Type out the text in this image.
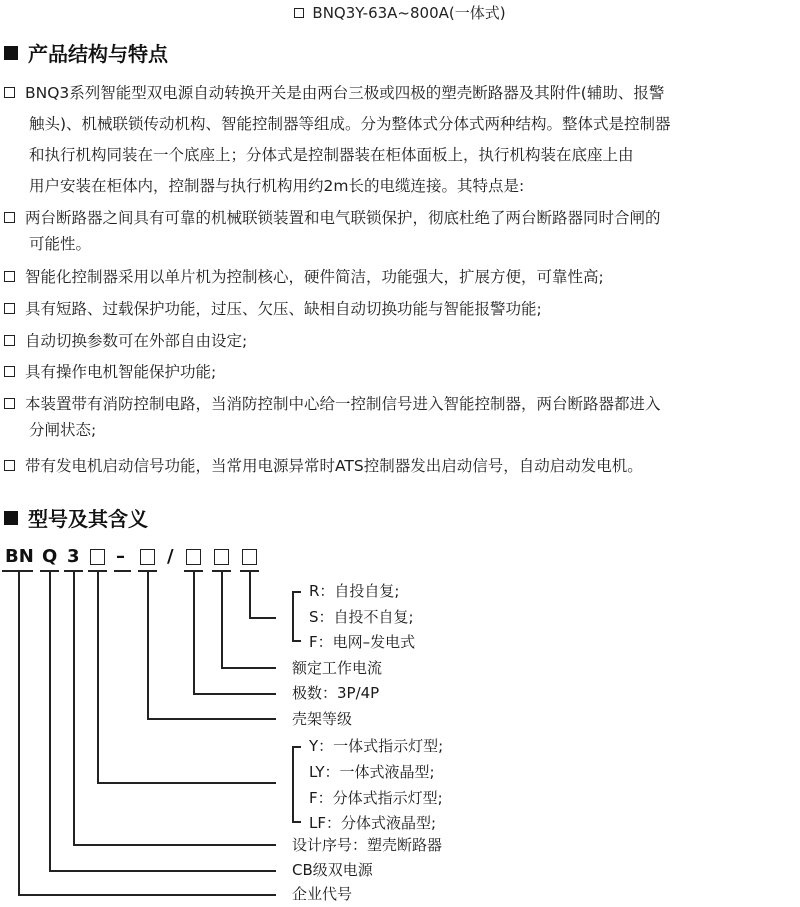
BNQ3Y-63A~800A(一体式)
产品结构与特点
BNQ3系列智能型双电源自动转换开关是由两台三极或四极的塑壳断路器及其附件(辅助、报警
触头)、机械联锁传动机构、智能控制器等组成。分为整体式分体式两种结构。整体式是控制器
和执行机构同装在一个底座上；分体式是控制器装在柜体面板上，执行机构装在底座上由
用户安装在柜体内，控制器与执行机构用约2m长的电缆连接。其特点是:
两台断路器之间具有可靠的机械联锁装置和电气联锁保护，彻底杜绝了两台断路器同时合闸的
可能性。
智能化控制器采用以单片机为控制核心，硬件简洁，功能强大，扩展方便，可靠性高;
具有短路、过载保护功能，过压、欠压、缺相自动切换功能与智能报警功能;
自动切换参数可在外部自由设定;
具有操作电机智能保护功能;
本装置带有消防控制电路，当消防控制中心给一控制信号进入智能控制器，两台断路器都进入
分闸状态;
带有发电机启动信号功能，当常用电源异常时ATS控制器发出启动信号，自动启动发电机。
型号及其含义
BN Q 3 – /
R：自投自复;
S：自投不自复;
F：电网–发电式
额定工作电流
极数：3P/4P
壳架等级
Y：一体式指示灯型;
LY：一体式液晶型;
F：分体式指示灯型;
LF：分体式液晶型;
设计序号：塑壳断路器
CB级双电源
企业代号
